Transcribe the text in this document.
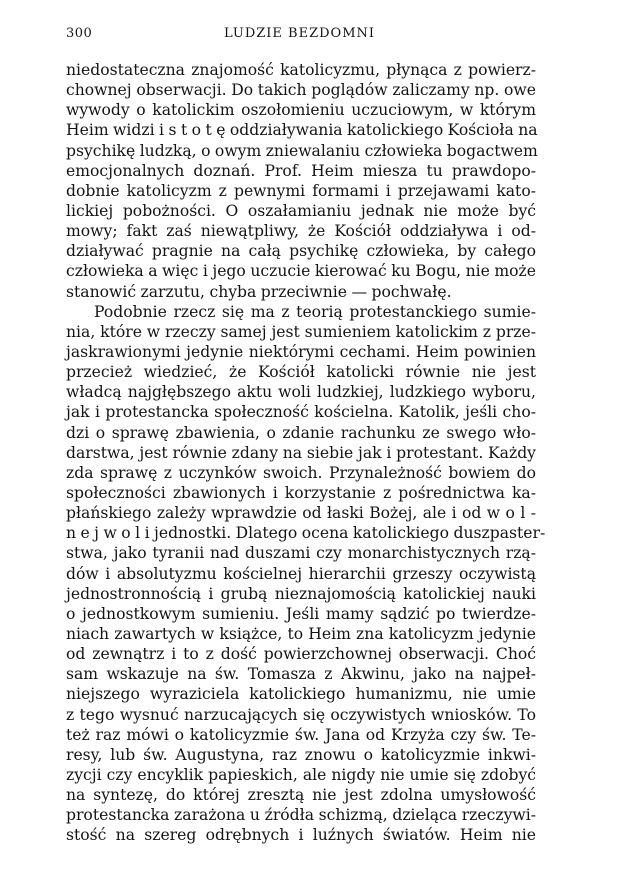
300	LUDZIE BEZDOMNI
niedostateczna znajomość katolicyzmu, płynąca z powierz-
chownej obserwacji. Do takich poglądów zaliczamy np. owe
wywody o katolickim oszołomieniu uczuciowym, w którym
Heim widzi i s t o t ę oddziaływania katolickiego Kościoła na
psychikę ludzką, o owym zniewalaniu człowieka bogactwem
emocjonalnych doznań. Prof. Heim miesza tu prawdopo-
dobnie katolicyzm z pewnymi formami i przejawami kato-
lickiej pobożności. O oszałamianiu jednak nie może być
mowy; fakt zaś niewątpliwy, że Kościół oddziaływa i od-
działywać pragnie na całą psychikę człowieka, by całego
człowieka a więc i jego uczucie kierować ku Bogu, nie może
stanowić zarzutu, chyba przeciwnie — pochwałę.
Podobnie rzecz się ma z teorią protestanckiego sumie-
nia, które w rzeczy samej jest sumieniem katolickim z prze-
jaskrawionymi jedynie niektórymi cechami. Heim powinien
przecież wiedzieć, że Kościół katolicki równie nie jest
władcą najgłębszego aktu woli ludzkiej, ludzkiego wyboru,
jak i protestancka społeczność kościelna. Katolik, jeśli cho-
dzi o sprawę zbawienia, o zdanie rachunku ze swego wło-
darstwa, jest równie zdany na siebie jak i protestant. Każdy
zda sprawę z uczynków swoich. Przynależność bowiem do
społeczności zbawionych i korzystanie z pośrednictwa ka-
płańskiego zależy wprawdzie od łaski Bożej, ale i od w o l -
n e j w o l i jednostki. Dlatego ocena katolickiego duszpaster-
stwa, jako tyranii nad duszami czy monarchistycznych rzą-
dów i absolutyzmu kościelnej hierarchii grzeszy oczywistą
jednostronnością i grubą nieznajomością katolickiej nauki
o jednostkowym sumieniu. Jeśli mamy sądzić po twierdze-
niach zawartych w książce, to Heim zna katolicyzm jedynie
od zewnątrz i to z dość powierzchownej obserwacji. Choć
sam wskazuje na św. Tomasza z Akwinu, jako na najpeł-
niejszego wyraziciela katolickiego humanizmu, nie umie
z tego wysnuć narzucających się oczywistych wniosków. To
też raz mówi o katolicyzmie św. Jana od Krzyża czy św. Te-
resy, lub św. Augustyna, raz znowu o katolicyzmie inkwi-
zycji czy encyklik papieskich, ale nigdy nie umie się zdobyć
na syntezę, do której zresztą nie jest zdolna umysłowość
protestancka zarażona u źródła schizmą, dzieląca rzeczywi-
stość na szereg odrębnych i luźnych światów. Heim nie
